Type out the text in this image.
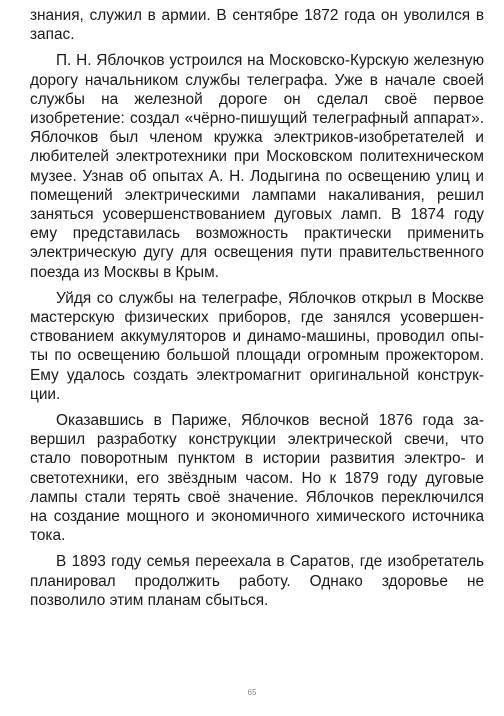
знания, служил в армии. В сентябре 1872 года он уволился в запас.

П. Н. Яблочков устроился на Московско-Курскую железную дорогу начальником службы телеграфа. Уже в начале своей службы на железной дороге он сделал своё первое изобретение: создал «чёрно-пишущий телеграфный аппарат». Яблочков был членом кружка электриков-изобретателей и любителей электротехники при Московском политехническом музее. Узнав об опытах А. Н. Лодыгина по освещению улиц и помещений электрическими лампами накаливания, решил заняться усовершенствованием дуговых ламп. В 1874 году ему представилась возможность практически применить электрическую дугу для освещения пути правительственного поезда из Москвы в Крым.

Уйдя со службы на телеграфе, Яблочков открыл в Москве мастерскую физических приборов, где занялся усовершенствованием аккумуляторов и динамо-машины, проводил опыты по освещению большой площади огромным прожектором. Ему удалось создать электромагнит оригинальной конструкции.

Оказавшись в Париже, Яблочков весной 1876 года завершил разработку конструкции электрической свечи, что стало поворотным пунктом в истории развития электро- и светотехники, его звёздным часом. Но к 1879 году дуговые лампы стали терять своё значение. Яблочков переключился на создание мощного и экономичного химического источника тока.

В 1893 году семья переехала в Саратов, где изобретатель планировал продолжить работу. Однако здоровье не позволило этим планам сбыться.

65
